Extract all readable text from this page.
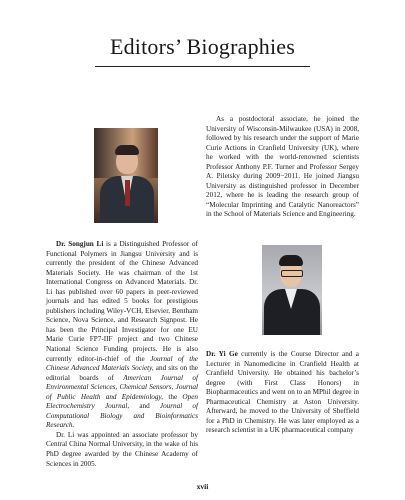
Editors’ Biographies

As a postdoctoral associate, he joined the University of Wisconsin-Milwaukee (USA) in 2008, followed by his research under the support of Marie Curie Actions in Cranfield University (UK), where he worked with the world-renowned scientists Professor Anthony P.F. Turner and Professor Sergey A. Piletsky during 2009−2011. He joined Jiangsu University as distinguished professor in December 2012, where he is leading the research group of “Molecular Imprinting and Catalytic Nanoreactors” in the School of Materials Science and Engineering.

Dr. Songjun Li is a Distinguished Professor of Functional Polymers in Jiangsu University and is currently the president of the Chinese Advanced Materials Society. He was chairman of the 1st International Congress on Advanced Materials. Dr. Li has published over 60 papers in peer-reviewed journals and has edited 5 books for prestigious publishers including Wiley-VCH, Elsevier, Bentham Science, Nova Science, and Research Signpost. He has been the Principal Investigator for one EU Marie Curie FP7-IIF project and two Chinese National Science Funding projects. He is also currently editor-in-chief of the Journal of the Chinese Advanced Materials Society, and sits on the editorial boards of American Journal of Environmental Sciences, Chemical Sensors, Journal of Public Health and Epidemiology, the Open Electrochemistry Journal, and Journal of Computational Biology and Bioinformatics Research.
Dr. Li was appointed an associate professor by Central China Normal University, in the wake of his PhD degree awarded by the Chinese Academy of Sciences in 2005.

Dr. Yi Ge currently is the Course Director and a Lecturer in Nanomedicine in Cranfield Health at Cranfield University. He obtained his bachelor’s degree (with First Class Honors) in Biopharmaceutics and went on to an MPhil degree in Pharmaceutical Chemistry at Aston University. Afterward, he moved to the University of Sheffield for a PhD in Chemistry. He was later employed as a research scientist in a UK pharmaceutical company

xvii
